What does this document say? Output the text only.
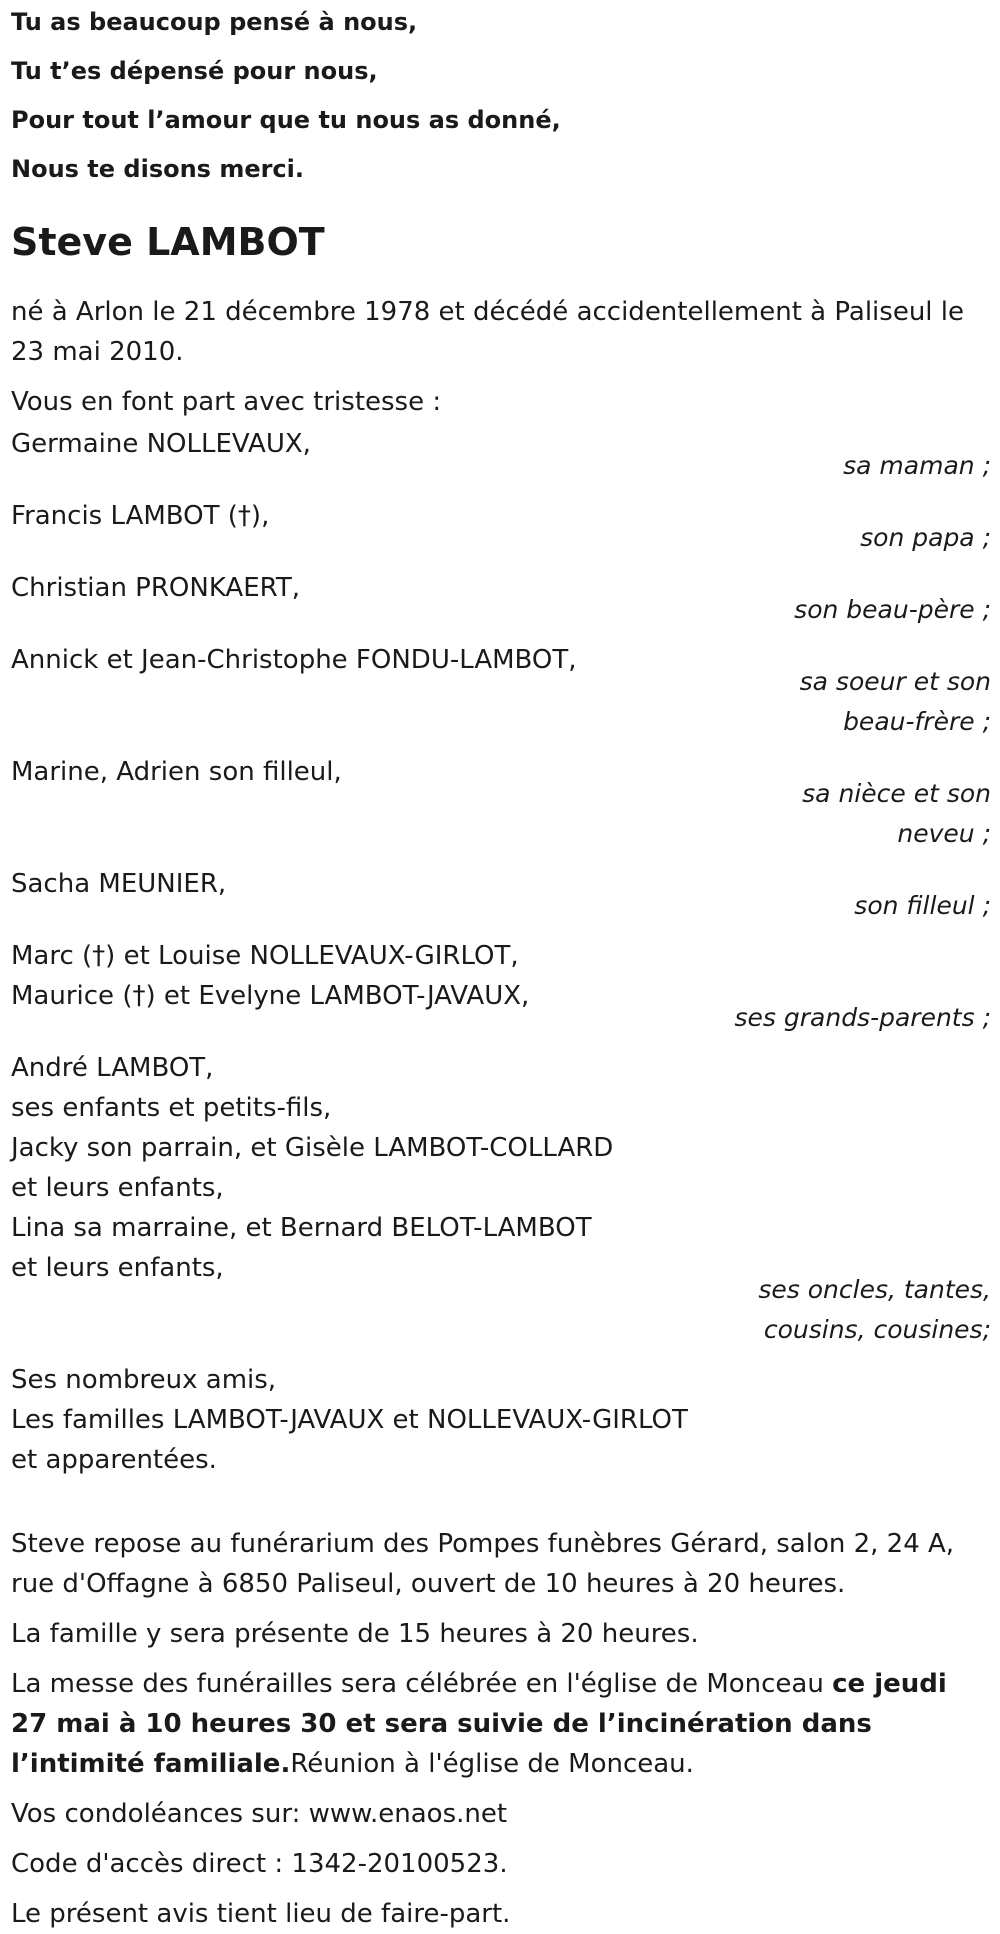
Tu as beaucoup pensé à nous,

Tu t’es dépensé pour nous,

Pour tout l’amour que tu nous as donné,

Nous te disons merci.

Steve LAMBOT

né à Arlon le 21 décembre 1978 et décédé accidentellement à Paliseul le 23 mai 2010.

Vous en font part avec tristesse :

Germaine NOLLEVAUX,

sa maman ;

Francis LAMBOT (†),

son papa ;

Christian PRONKAERT,

son beau-père ;

Annick et Jean-Christophe FONDU-LAMBOT,

sa soeur et son beau-frère ;

Marine, Adrien son filleul,

sa nièce et son neveu ;

Sacha MEUNIER,

son filleul ;

Marc (†) et Louise NOLLEVAUX-GIRLOT,

Maurice (†) et Evelyne LAMBOT-JAVAUX,

ses grands-parents ;

André LAMBOT,

ses enfants et petits-fils,

Jacky son parrain, et Gisèle LAMBOT-COLLARD

et leurs enfants,

Lina sa marraine, et Bernard BELOT-LAMBOT

et leurs enfants,

ses oncles, tantes, cousins, cousines;

Ses nombreux amis,

Les familles LAMBOT-JAVAUX et NOLLEVAUX-GIRLOT

et apparentées.

Steve repose au funérarium des Pompes funèbres Gérard, salon 2, 24 A, rue d'Offagne à 6850 Paliseul, ouvert de 10 heures à 20 heures.

La famille y sera présente de 15 heures à 20 heures.

La messe des funérailles sera célébrée en l'église de Monceau ce jeudi 27 mai à 10 heures 30 et sera suivie de l’incinération dans l’intimité familiale.Réunion à l'église de Monceau.

Vos condoléances sur: www.enaos.net

Code d'accès direct : 1342-20100523.

Le présent avis tient lieu de faire-part.
